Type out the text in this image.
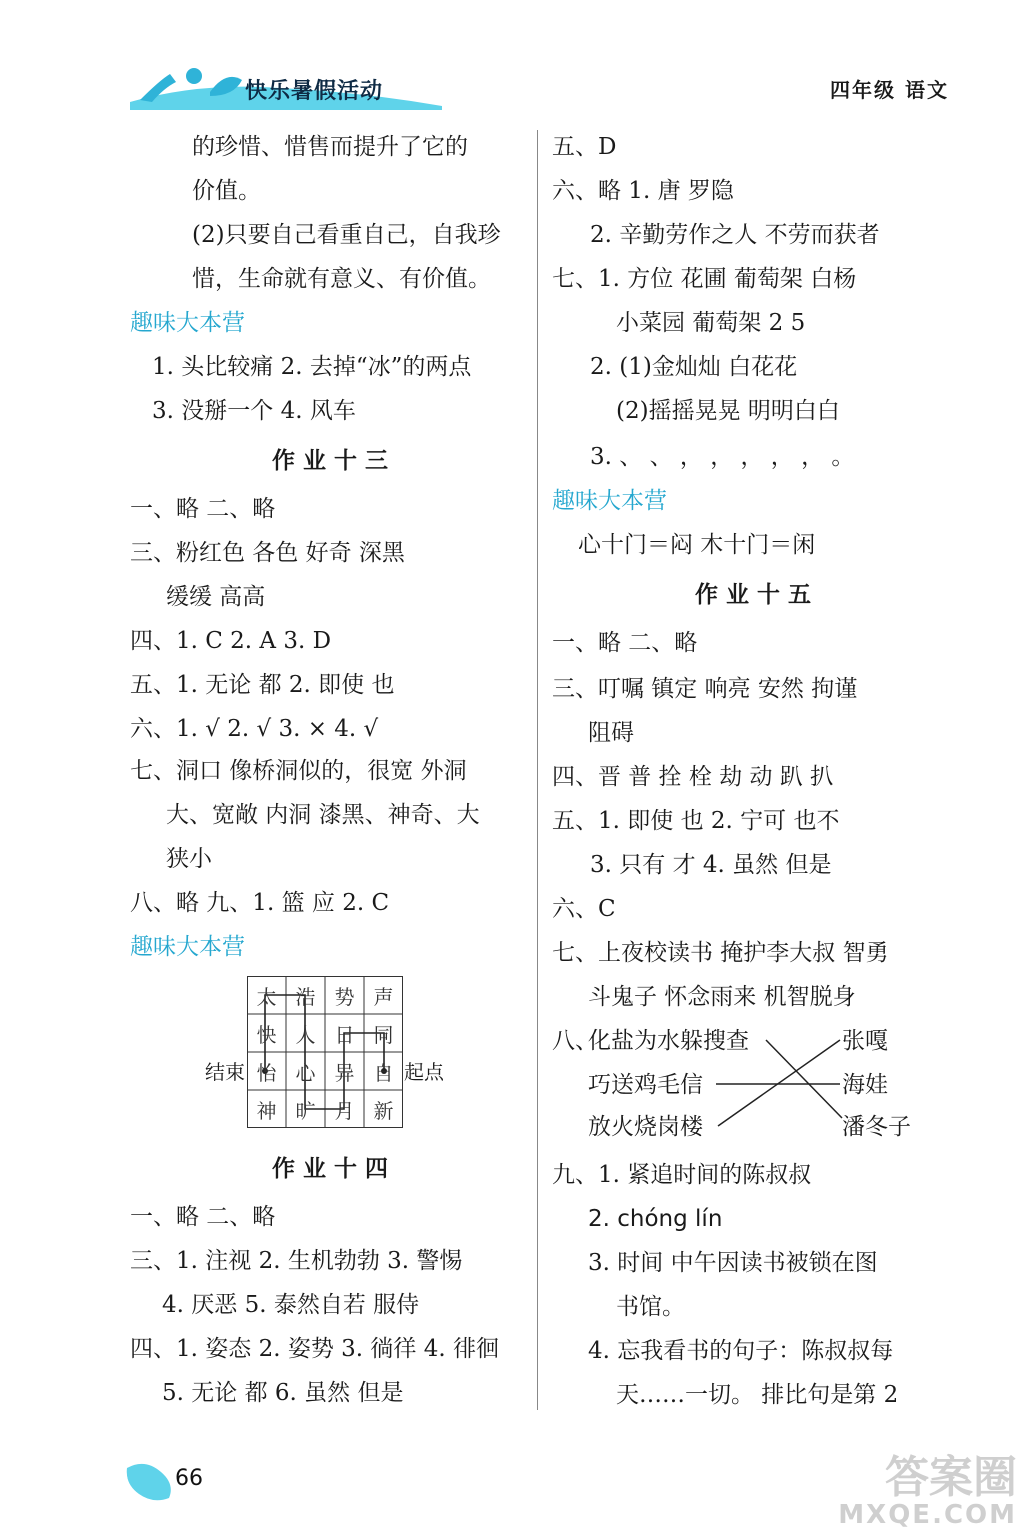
快乐暑假活动	四年级 语文
的珍惜、惜售而提升了它的
价值。
(2)只要自己看重自己，自我珍
惜，生命就有意义、有价值。
趣味大本营
1. 头比较痛 2. 去掉“冰”的两点
3. 没掰一个 4. 风车
作业十三
一、略 二、略
三、粉红色 各色 好奇 深黑
缓缓 高高
四、1. C 2. A 3. D
五、1. 无论 都 2. 即使 也
六、1. √ 2. √ 3. × 4. √
七、洞口 像桥洞似的，很宽 外洞
大、宽敞 内洞 漆黑、神奇、大
狭小
八、略 九、1. 篮 应 2. C
趣味大本营
结束	起点
太 浩 势 声
快 人 日 同
怡 心 异 自
神 旷 月 新
作业十四
一、略 二、略
三、1. 注视 2. 生机勃勃 3. 警惕
4. 厌恶 5. 泰然自若 服侍
四、1. 姿态 2. 姿势 3. 徜徉 4. 徘徊
5. 无论 都 6. 虽然 但是
五、D
六、略 1. 唐 罗隐
2. 辛勤劳作之人 不劳而获者
七、1. 方位 花圃 葡萄架 白杨
小菜园 葡萄架 2 5
2. (1)金灿灿 白花花
(2)摇摇晃晃 明明白白
3. 、 、 ， ， ， ， ， 。
趣味大本营
心十门＝闷 木十门＝闲
作业十五
一、略 二、略
三、叮嘱 镇定 响亮 安然 拘谨
阻碍
四、晋 普 拴 栓 劫 动 趴 扒
五、1. 即使 也 2. 宁可 也不
3. 只有 才 4. 虽然 但是
六、C
七、上夜校读书 掩护李大叔 智勇
斗鬼子 怀念雨来 机智脱身
八、
化盐为水躲搜查
巧送鸡毛信
放火烧岗楼
张嘎
海娃
潘冬子
九、1. 紧追时间的陈叔叔
2. chóng lín
3. 时间 中午因读书被锁在图
书馆。
4. 忘我看书的句子：陈叔叔每
天……一切。 排比句是第 2
66	答案圈
MXQE.COM
